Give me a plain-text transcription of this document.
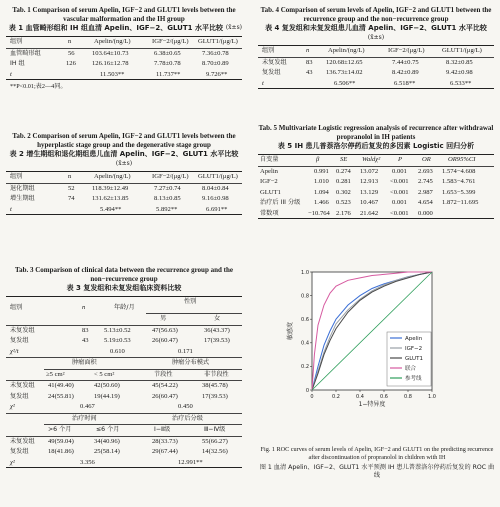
Tab. 1 Comparison of serum Apelin, IGF−2 and GLUT1 levels between the vascular malformation and the IH group
表 1 血管畸形组和 IH 组血清 Apelin、IGF−2、GLUT1 水平比较 (x̄±s)
组别	n	Apelin/(ng/L)	IGF−2/(μg/L) GLUT1/(μg/L)
血管畸形组	56	103.64±10.73	6.38±0.65	7.36±0.78
IH 组	126 126.16±12.78	7.78±0.78	8.70±0.89
t	11.503**	11.737**	9.726**
**P<0.01;表2—4同。
Tab. 2 Comparison of serum Apelin, IGF−2 and GLUT1 levels between the hyperplastic stage group and the degenerative stage group
表 2 增生期组和退化期组患儿血清 Apelin、IGF−2、GLUT1 水平比较 (x̄±s)
组别	n	Apelin/(ng/L)	IGF−2/(μg/L) GLUT1/(μg/L)
退化期组	52	118.39±12.49	7.27±0.74	8.04±0.84
增生期组	74	131.62±13.85	8.13±0.85	9.16±0.98
t	5.494**	5.892**	6.691**
Tab. 3 Comparison of clinical data between the recurrence group and the non−recurrence group
表 3 复发组和未复发组临床资料比较
组别	n	年龄/月
性别
男	女
未复发组	83 5.13±0.52	47(56.63)	36(43.37)
复发组	43 5.19±0.53	26(60.47)	17(39.53)
χ²/t	0.610	0.171
肿瘤面积	肿瘤分布模式
≥5 cm²	< 5 cm²	节段性	非节段性
未复发组 41(49.40)	42(50.60)	45(54.22)	38(45.78)
复发组	24(55.81)	19(44.19)	26(60.47)	17(39.53)
χ²	0.467	0.450
治疗时间	治疗后分级
>6 个月	≤6 个月	Ⅰ−Ⅱ级	Ⅲ−Ⅳ级
未复发组 49(59.04)	34(40.96)	28(33.73)	55(66.27)
复发组	18(41.86)	25(58.14)	29(67.44)	14(32.56)
χ²	3.356	12.991**
Tab. 4 Comparison of serum levels of Apelin, IGF−2 and GLUT1 between the recurrence group and the non−recurrence group
表 4 复发组和未复发组患儿血清 Apelin、IGF−2、GLUT1 水平比较 (x̄±s)
组别	n	Apelin/(ng/L)	IGF−2/(μg/L)	GLUT1/(μg/L)
未复发组	83 120.68±12.65	7.44±0.75	8.32±0.85
复发组	43 136.73±14.02	8.42±0.89	9.42±0.98
t	6.506**	6.518**	6.533**
Tab. 5 Multivariate Logistic regression analysis of recurrence after withdrawal propranolol in IH patients
表 5 IH 患儿普萘洛尔停药后复发的多因素 Logistic 回归分析
自变量	β	SE Waldχ²	P	OR	OR95%CI
Apelin	0.991 0.274 13.072 0.001 2.693 1.574−4.608
IGF−2	1.010 0.281 12.913 <0.001 2.745 1.583−4.761
GLUT1	1.094 0.302 13.129 <0.001 2.987 1.653−5.399
治疗后 III 分级 1.466 0.523 10.467 0.001 4.654 1.872−11.695
常数项	−10.764 2.176 21.642 <0.001 0.000
0
0
0.2
0.2
0.4
0.4
0.6
0.6
0.8
0.8
1.0
1.0
1−特异度
敏感度	Apelin
IGF−2
GLUT1
联合
参考线
Fig. 1 ROC curves of serum levels of Apelin, IGF−2 and GLUT1 on the predicting recurrence after discontinuation of propranolol in children with IH
图 1 血清 Apelin、IGF−2、GLUT1 水平预测 IH 患儿普萘洛尔停药后复发的 ROC 曲线
